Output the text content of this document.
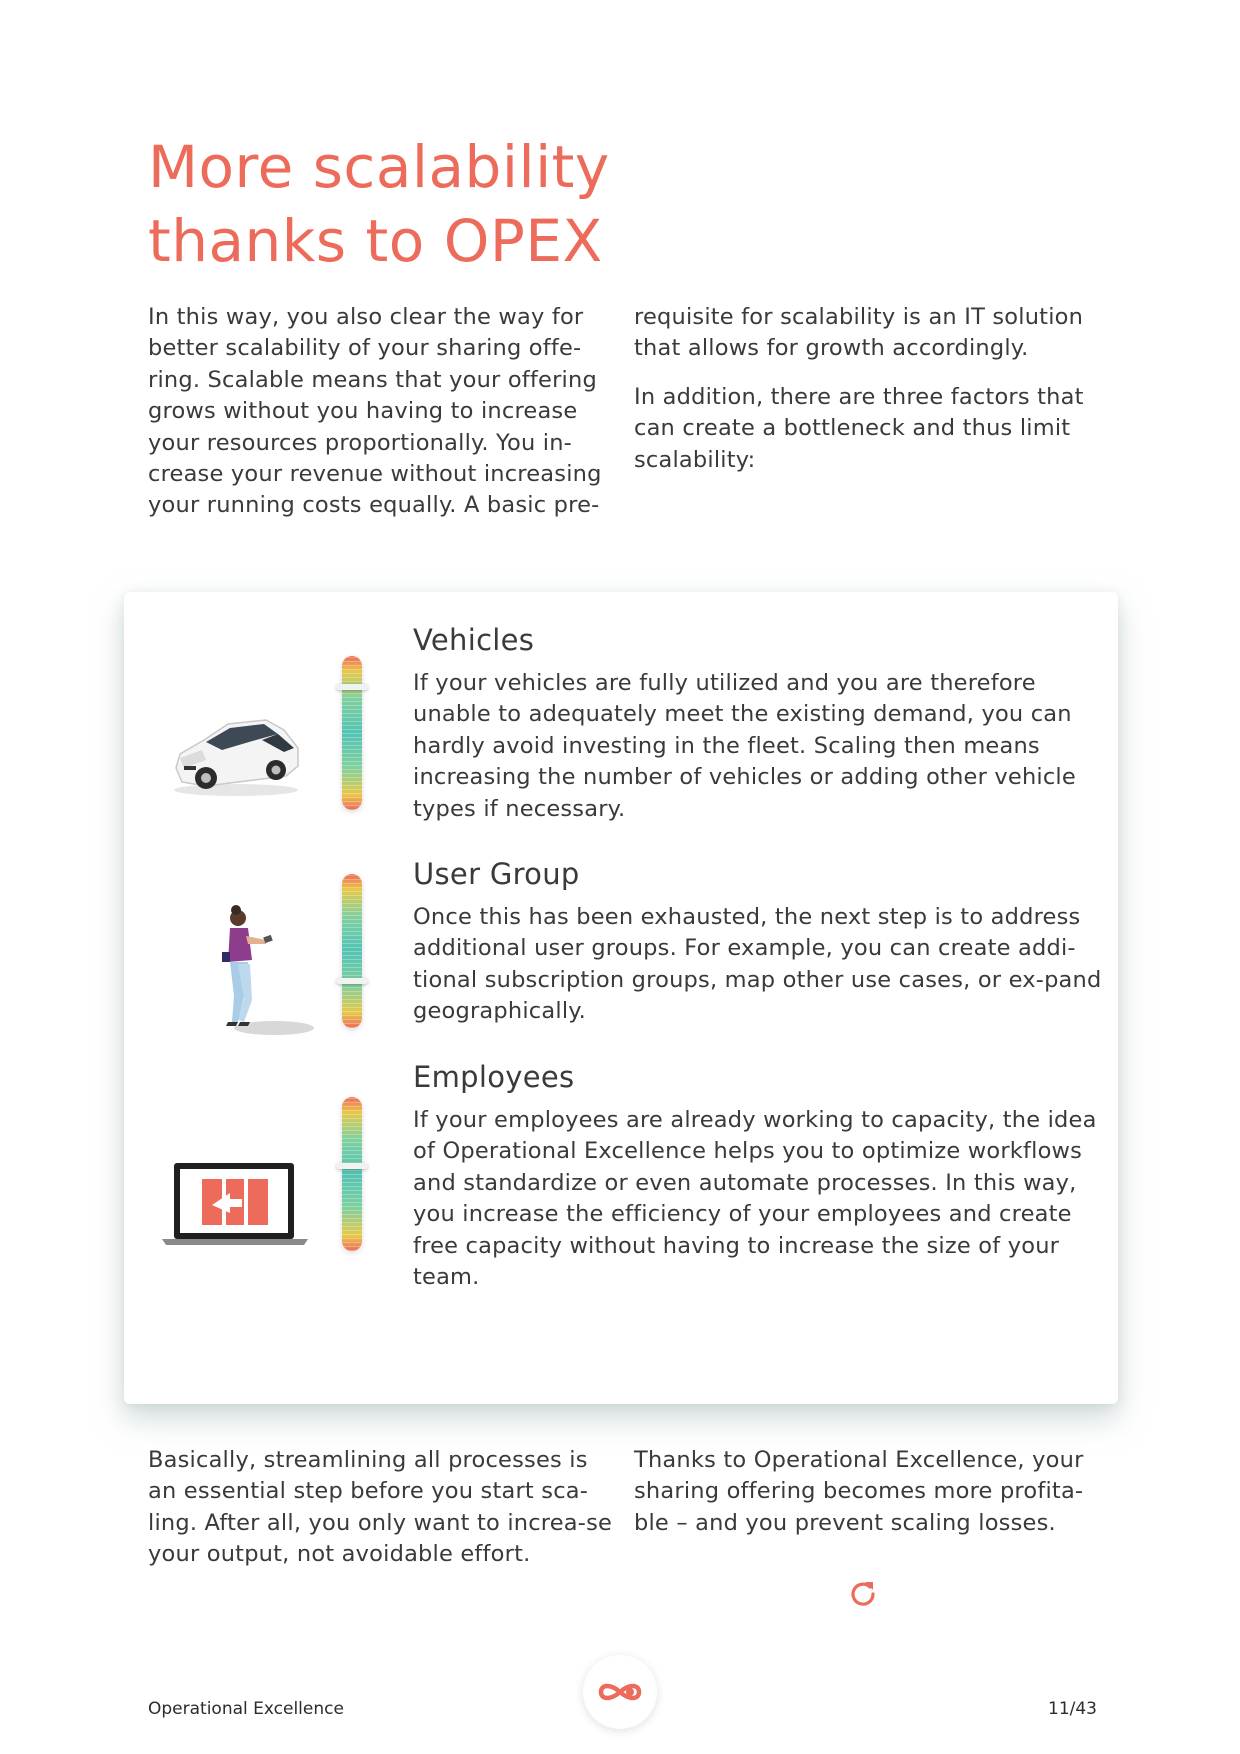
More scalability
thanks to OPEX

In this way, you also clear the way for better scalability of your sharing offe-ring. Scalable means that your offering grows without you having to increase your resources proportionally. You in-crease your revenue without increasing your running costs equally. A basic pre-

requisite for scalability is an IT solution that allows for growth accordingly.

In addition, there are three factors that can create a bottleneck and thus limit scalability:

Vehicles
If your vehicles are fully utilized and you are therefore unable to adequately meet the existing demand, you can hardly avoid investing in the fleet. Scaling then means increasing the number of vehicles or adding other vehicle types if necessary.
User Group
Once this has been exhausted, the next step is to address additional user groups. For example, you can create addi-tional subscription groups, map other use cases, or ex-pand geographically.
Employees
If your employees are already working to capacity, the idea of Operational Excellence helps you to optimize workflows and standardize or even automate processes. In this way, you increase the efficiency of your employees and create free capacity without having to increase the size of your team.

Basically, streamlining all processes is an essential step before you start sca-ling. After all, you only want to increa-se your output, not avoidable effort.

Thanks to Operational Excellence, your sharing offering becomes more profita-ble – and you prevent scaling losses.

Operational Excellence	11/43
